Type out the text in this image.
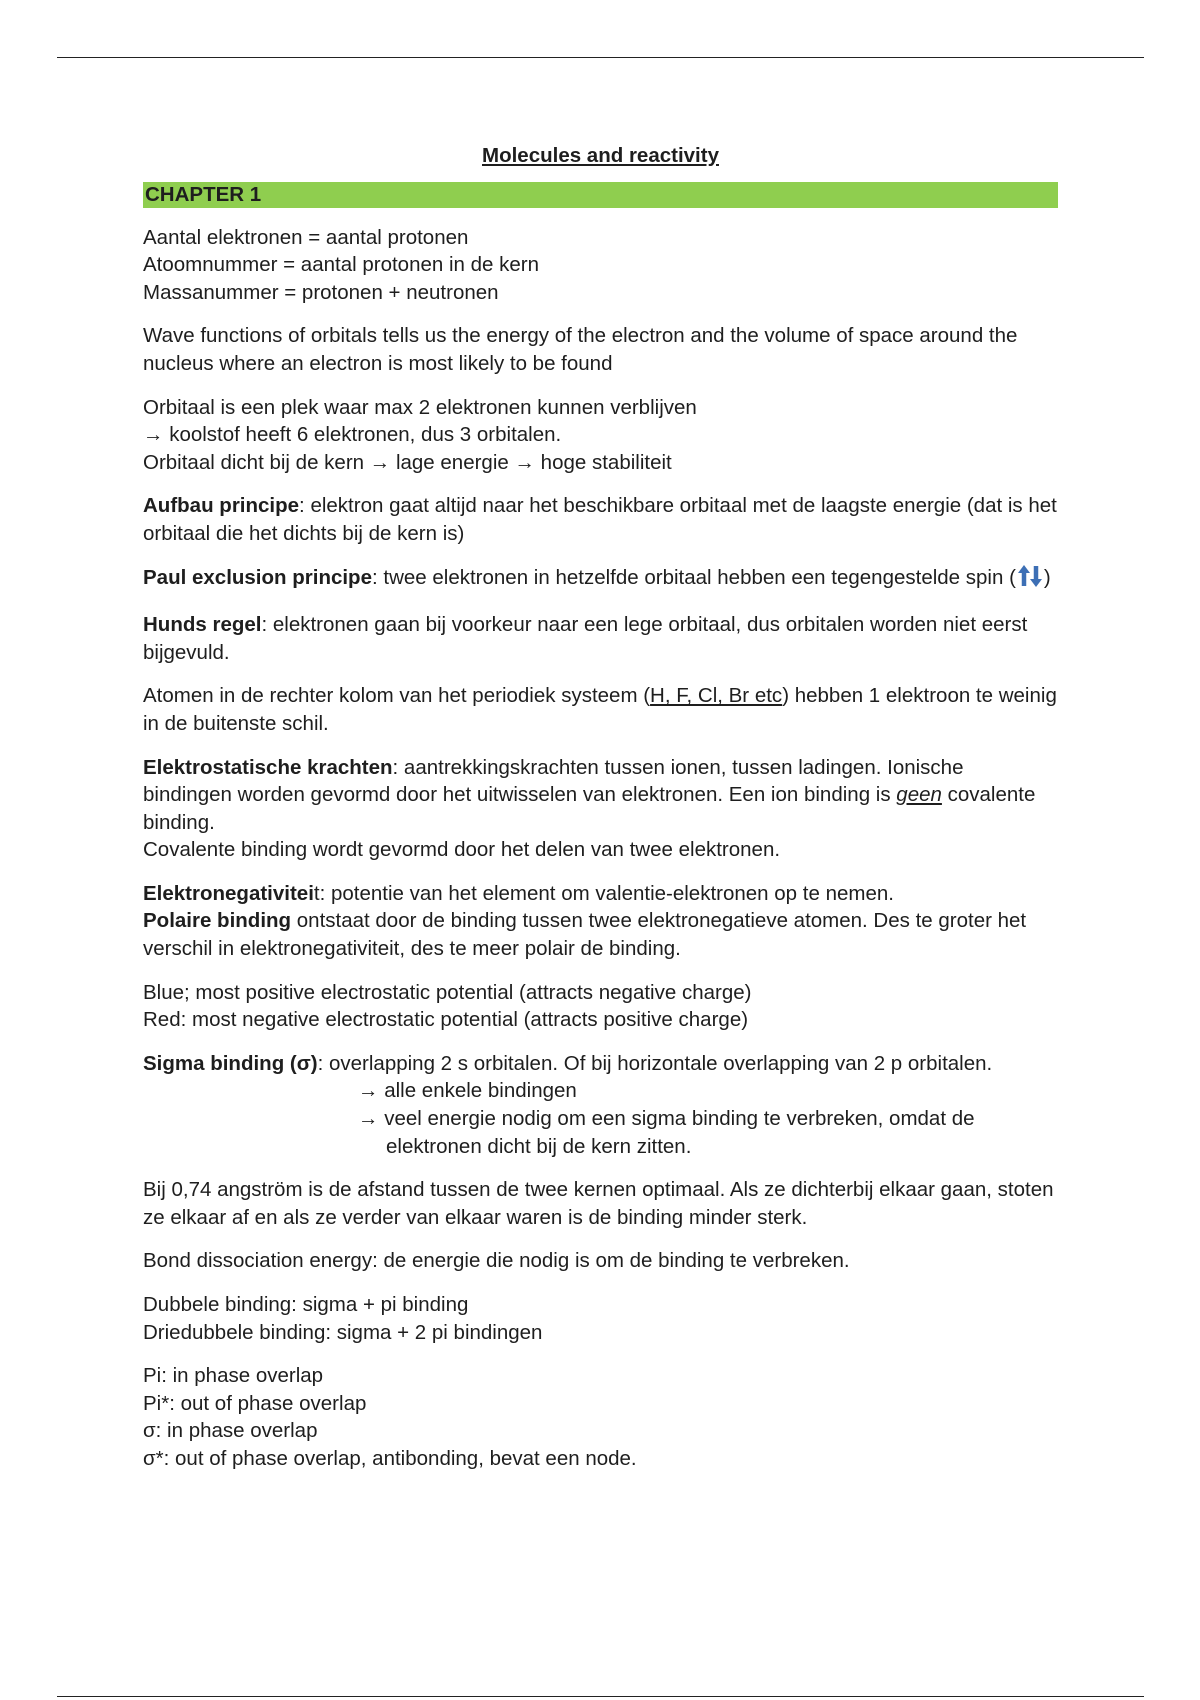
Molecules and reactivity
CHAPTER 1

Aantal elektronen = aantal protonen
Atoomnummer = aantal protonen in de kern
Massanummer = protonen + neutronen

Wave functions of orbitals tells us the energy of the electron and the volume of space around the nucleus where an electron is most likely to be found

Orbitaal is een plek waar max 2 elektronen kunnen verblijven
→ koolstof heeft 6 elektronen, dus 3 orbitalen.
Orbitaal dicht bij de kern → lage energie → hoge stabiliteit

Aufbau principe: elektron gaat altijd naar het beschikbare orbitaal met de laagste energie (dat is het orbitaal die het dichts bij de kern is)

Paul exclusion principe: twee elektronen in hetzelfde orbitaal hebben een tegengestelde spin ( )

Hunds regel: elektronen gaan bij voorkeur naar een lege orbitaal, dus orbitalen worden niet eerst bijgevuld.

Atomen in de rechter kolom van het periodiek systeem (H, F, Cl, Br etc) hebben 1 elektroon te weinig in de buitenste schil.

Elektrostatische krachten: aantrekkingskrachten tussen ionen, tussen ladingen. Ionische bindingen worden gevormd door het uitwisselen van elektronen. Een ion binding is geen covalente binding.
Covalente binding wordt gevormd door het delen van twee elektronen.

Elektronegativiteit: potentie van het element om valentie-elektronen op te nemen.
Polaire binding ontstaat door de binding tussen twee elektronegatieve atomen. Des te groter het verschil in elektronegativiteit, des te meer polair de binding.

Blue; most positive electrostatic potential (attracts negative charge)
Red: most negative electrostatic potential (attracts positive charge)

Sigma binding (σ): overlapping 2 s orbitalen. Of bij horizontale overlapping van 2 p orbitalen.

→ alle enkele bindingen
→ veel energie nodig om een sigma binding te verbreken, omdat de elektronen dicht bij de kern zitten.

Bij 0,74 angström is de afstand tussen de twee kernen optimaal. Als ze dichterbij elkaar gaan, stoten ze elkaar af en als ze verder van elkaar waren is de binding minder sterk.

Bond dissociation energy: de energie die nodig is om de binding te verbreken.

Dubbele binding: sigma + pi binding
Driedubbele binding: sigma + 2 pi bindingen

Pi: in phase overlap
Pi*: out of phase overlap
σ: in phase overlap
σ*: out of phase overlap, antibonding, bevat een node.
